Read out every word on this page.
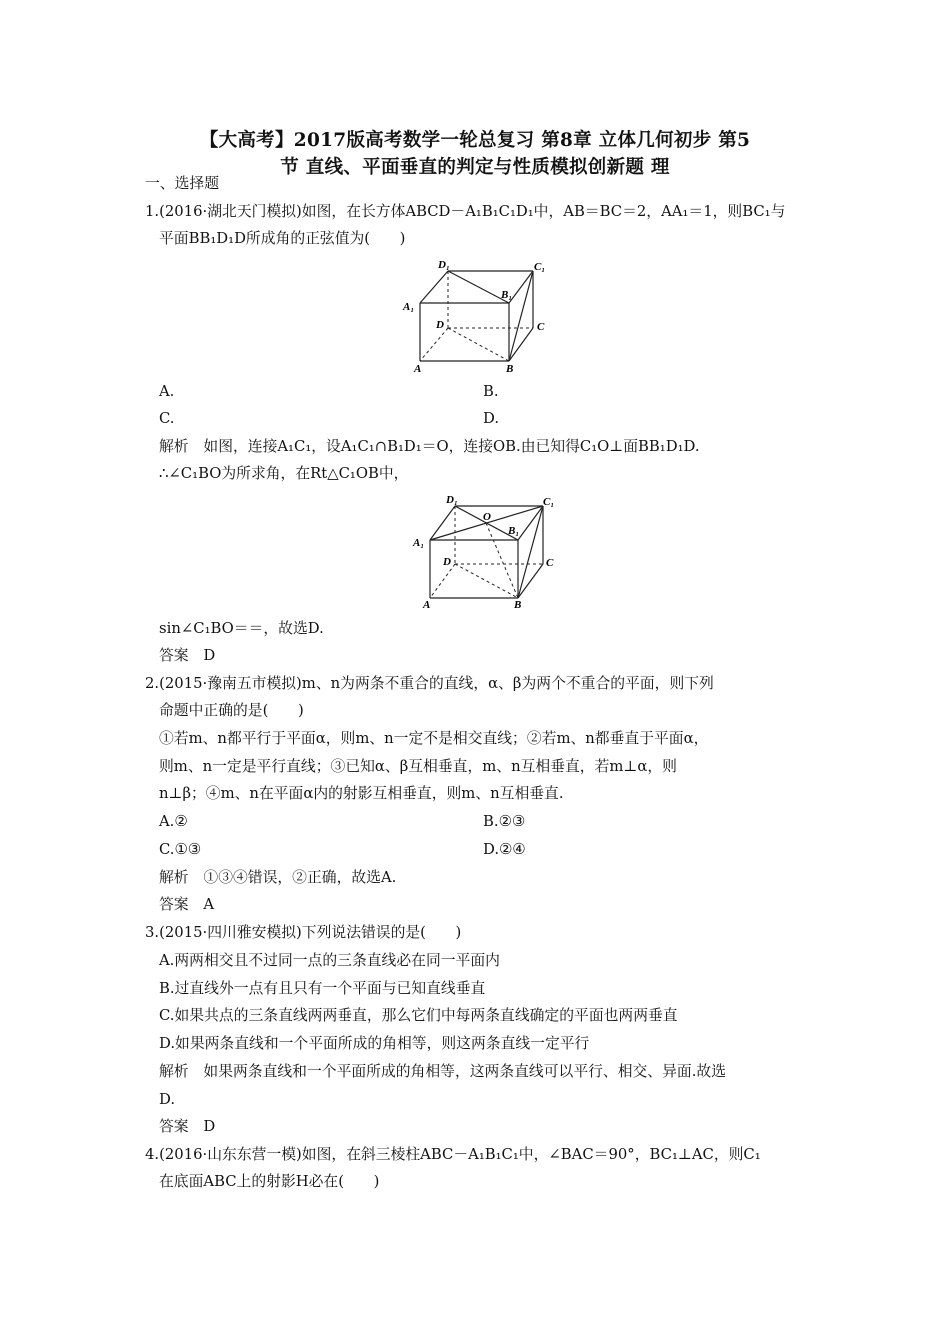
【大高考】2017版高考数学一轮总复习 第8章 立体几何初步 第5
节 直线、平面垂直的判定与性质模拟创新题 理
一、选择题
1.(2016·湖北天门模拟)如图，在长方体ABCD－A₁B₁C₁D₁中，AB＝BC＝2，AA₁＝1，则BC₁与
平面BB₁D₁D所成角的正弦值为(　　)
D₁	C₁
B₁
A₁
D	C
A	B
A.	B.
C.	D.
解析　如图，连接A₁C₁，设A₁C₁∩B₁D₁＝O，连接OB.由已知得C₁O⊥面BB₁D₁D.
∴∠C₁BO为所求角，在Rt△C₁OB中，
D₁	C₁
O
B₁
A₁
D	C
A	B
sin∠C₁BO＝＝，故选D.
答案　D
2.(2015·豫南五市模拟)m、n为两条不重合的直线，α、β为两个不重合的平面，则下列
命题中正确的是(　　)
①若m、n都平行于平面α，则m、n一定不是相交直线；②若m、n都垂直于平面α，
则m、n一定是平行直线；③已知α、β互相垂直，m、n互相垂直，若m⊥α，则
n⊥β；④m、n在平面α内的射影互相垂直，则m、n互相垂直.
A.②	B.②③
C.①③	D.②④
解析　①③④错误，②正确，故选A.
答案　A
3.(2015·四川雅安模拟)下列说法错误的是(　　)
A.两两相交且不过同一点的三条直线必在同一平面内
B.过直线外一点有且只有一个平面与已知直线垂直
C.如果共点的三条直线两两垂直，那么它们中每两条直线确定的平面也两两垂直
D.如果两条直线和一个平面所成的角相等，则这两条直线一定平行
解析　如果两条直线和一个平面所成的角相等，这两条直线可以平行、相交、异面.故选
D.
答案　D
4.(2016·山东东营一模)如图，在斜三棱柱ABC－A₁B₁C₁中，∠BAC＝90°，BC₁⊥AC，则C₁
在底面ABC上的射影H必在(　　)
